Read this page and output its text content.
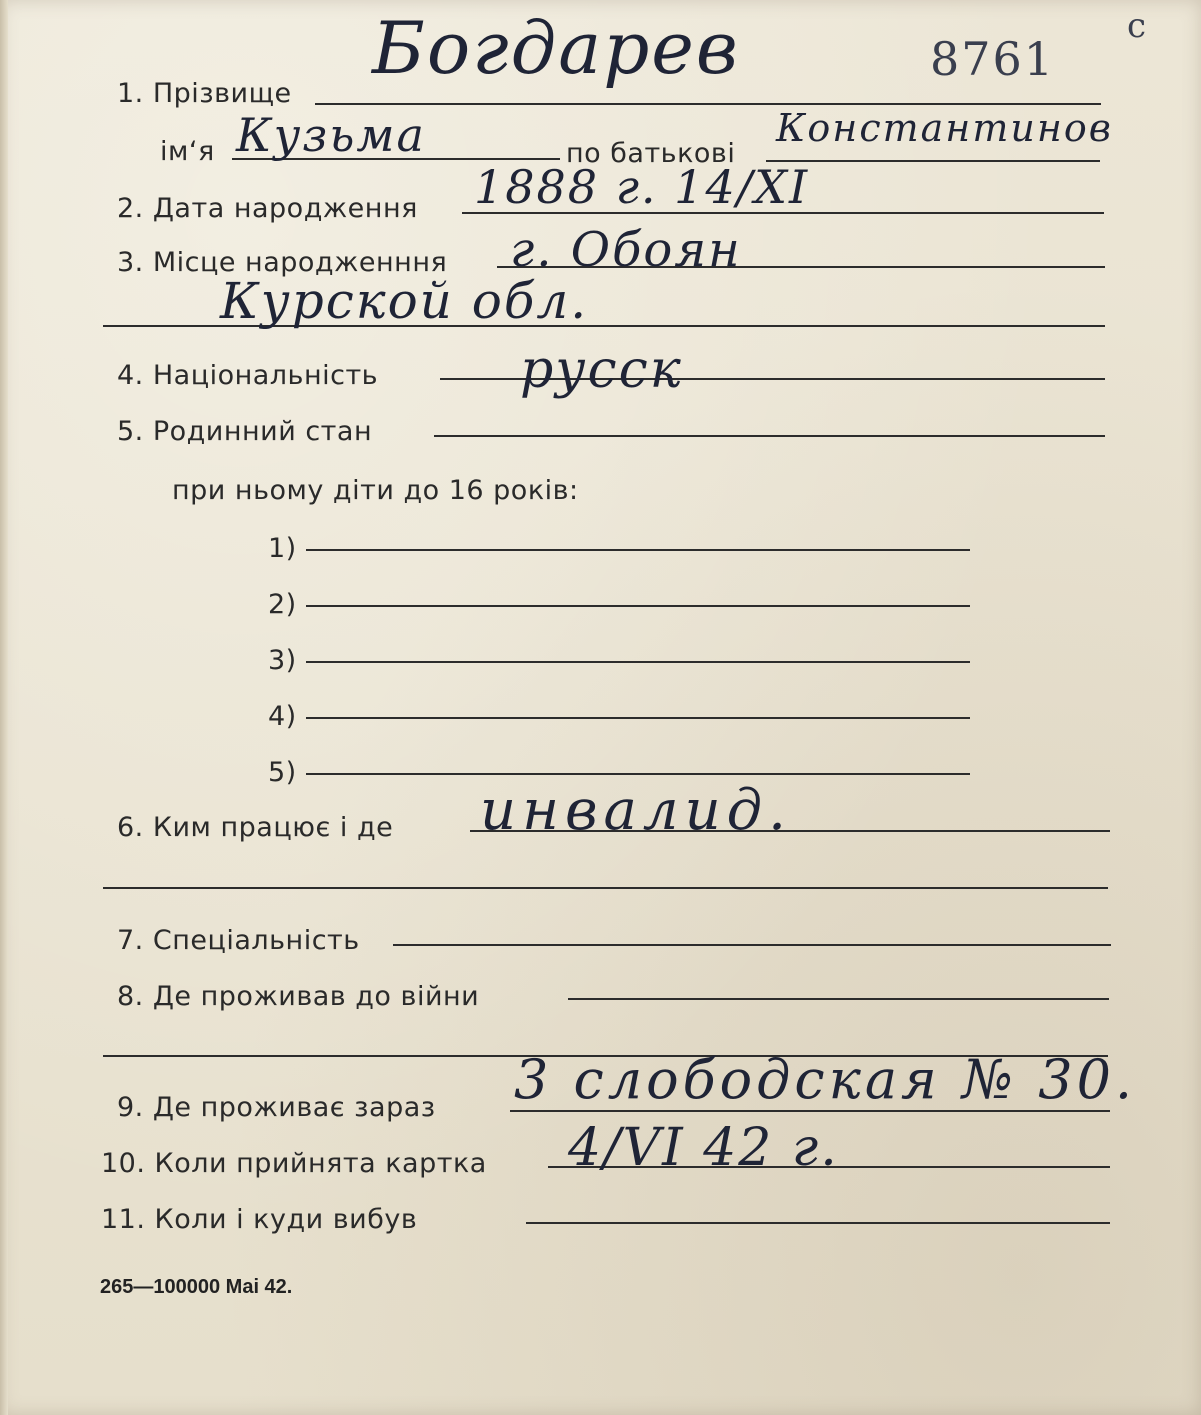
1. Прізвище
Богдарев	8761
с
ім‘я Кузьма	по батькові
Константинов
2. Дата народження 1888 г. 14/XI
3. Місце народженння г. Обоян
Курской обл.
4. Національність	русск
5. Родинний стан
при ньому діти до 16 років:
1)
2)
3)
4)
5)
6. Ким працює і де инвалид.
7. Спеціальність
8. Де проживав до війни
9. Де проживає зараз 3 слободская № 30.
10. Коли прийнята картка 4/VI 42 г.
11. Коли і куди вибув
265—100000 Mai 42.
